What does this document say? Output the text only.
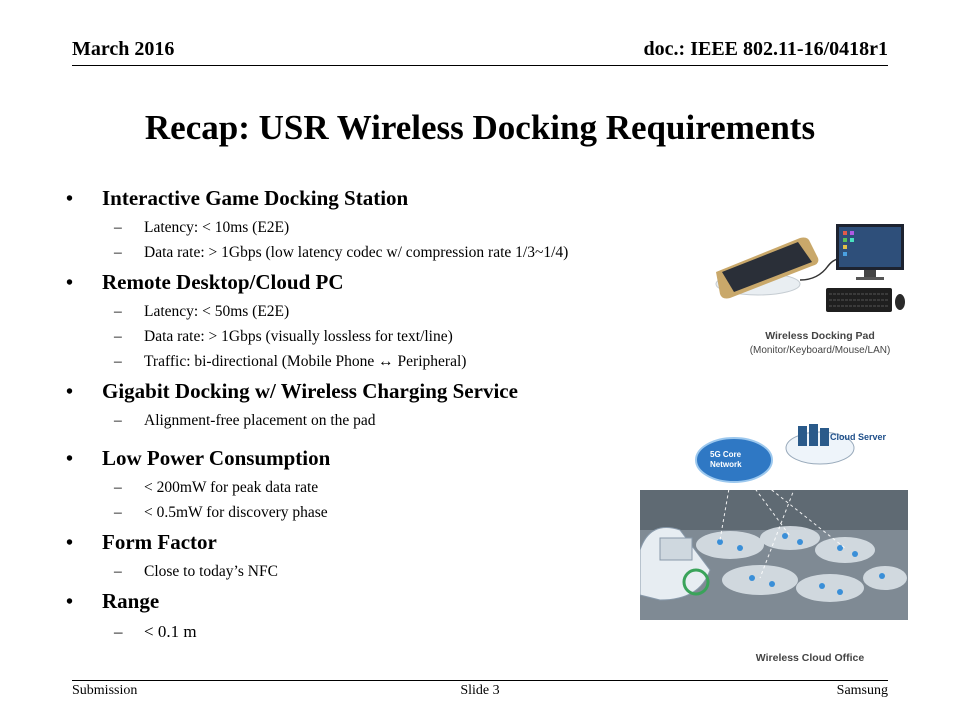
March 2016	doc.: IEEE 802.11-16/0418r1
Recap: USR Wireless Docking Requirements
•	Interactive Game Docking Station
–	Latency: < 10ms (E2E)
–	Data rate: > 1Gbps (low latency codec w/ compression rate 1/3~1/4)
•	Remote Desktop/Cloud PC
–	Latency: < 50ms (E2E)
–	Data rate: > 1Gbps (visually lossless for text/line)
–	Traffic: bi-directional (Mobile Phone ↔ Peripheral)
•	Gigabit Docking w/ Wireless Charging Service
–	Alignment-free placement on the pad
•	Low Power Consumption
–	< 200mW for peak data rate
–	< 0.5mW for discovery phase
•	Form Factor
–	Close to today’s NFC
•	Range
–	< 0.1 m
Wireless Docking Pad
(Monitor/Keyboard/Mouse/LAN)
Cloud Server
5G Core Network
Wireless Cloud Office
Submission	Slide 3	Samsung
